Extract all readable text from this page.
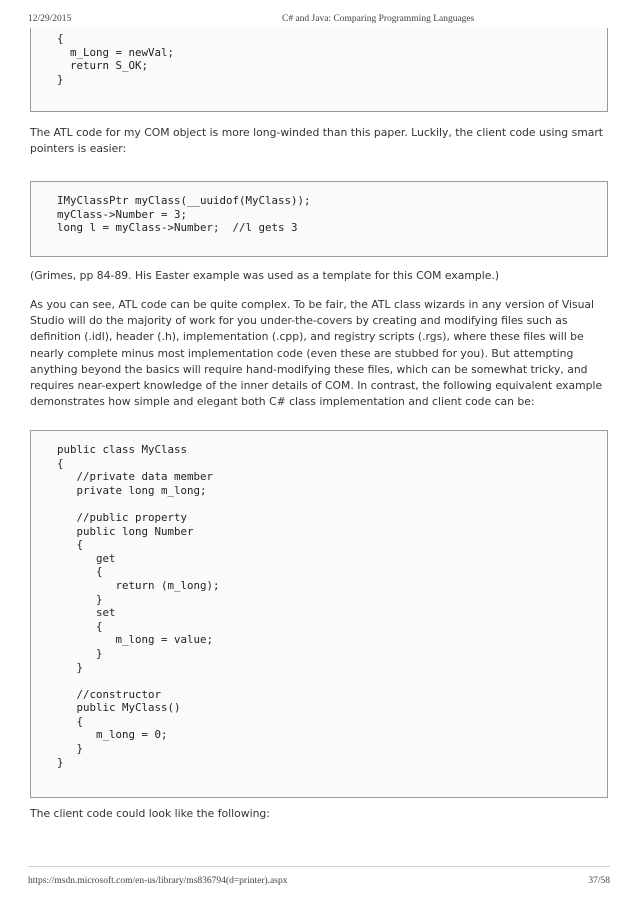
12/29/2015	C# and Java: Comparing Programming Languages
{
m_Long = newVal;
return S_OK;
}

The ATL code for my COM object is more long-winded than this paper. Luckily, the client code using smart pointers is easier:

IMyClassPtr myClass(__uuidof(MyClass));
myClass->Number = 3;
long l = myClass->Number;  //l gets 3

(Grimes, pp 84-89. His Easter example was used as a template for this COM example.)

As you can see, ATL code can be quite complex. To be fair, the ATL class wizards in any version of Visual Studio will do the majority of work for you under-the-covers by creating and modifying files such as definition (.idl), header (.h), implementation (.cpp), and registry scripts (.rgs), where these files will be nearly complete minus most implementation code (even these are stubbed for you). But attempting anything beyond the basics will require hand-modifying these files, which can be somewhat tricky, and requires near-expert knowledge of the inner details of COM. In contrast, the following equivalent example demonstrates how simple and elegant both C# class implementation and client code can be:

public class MyClass
{
//private data member
private long m_long;

//public property
public long Number
{
get
{
return (m_long);
}
set
{
m_long = value;
}
}

//constructor
public MyClass()
{
m_long = 0;
}
}

The client code could look like the following:

https://msdn.microsoft.com/en-us/library/ms836794(d=printer).aspx	37/58
